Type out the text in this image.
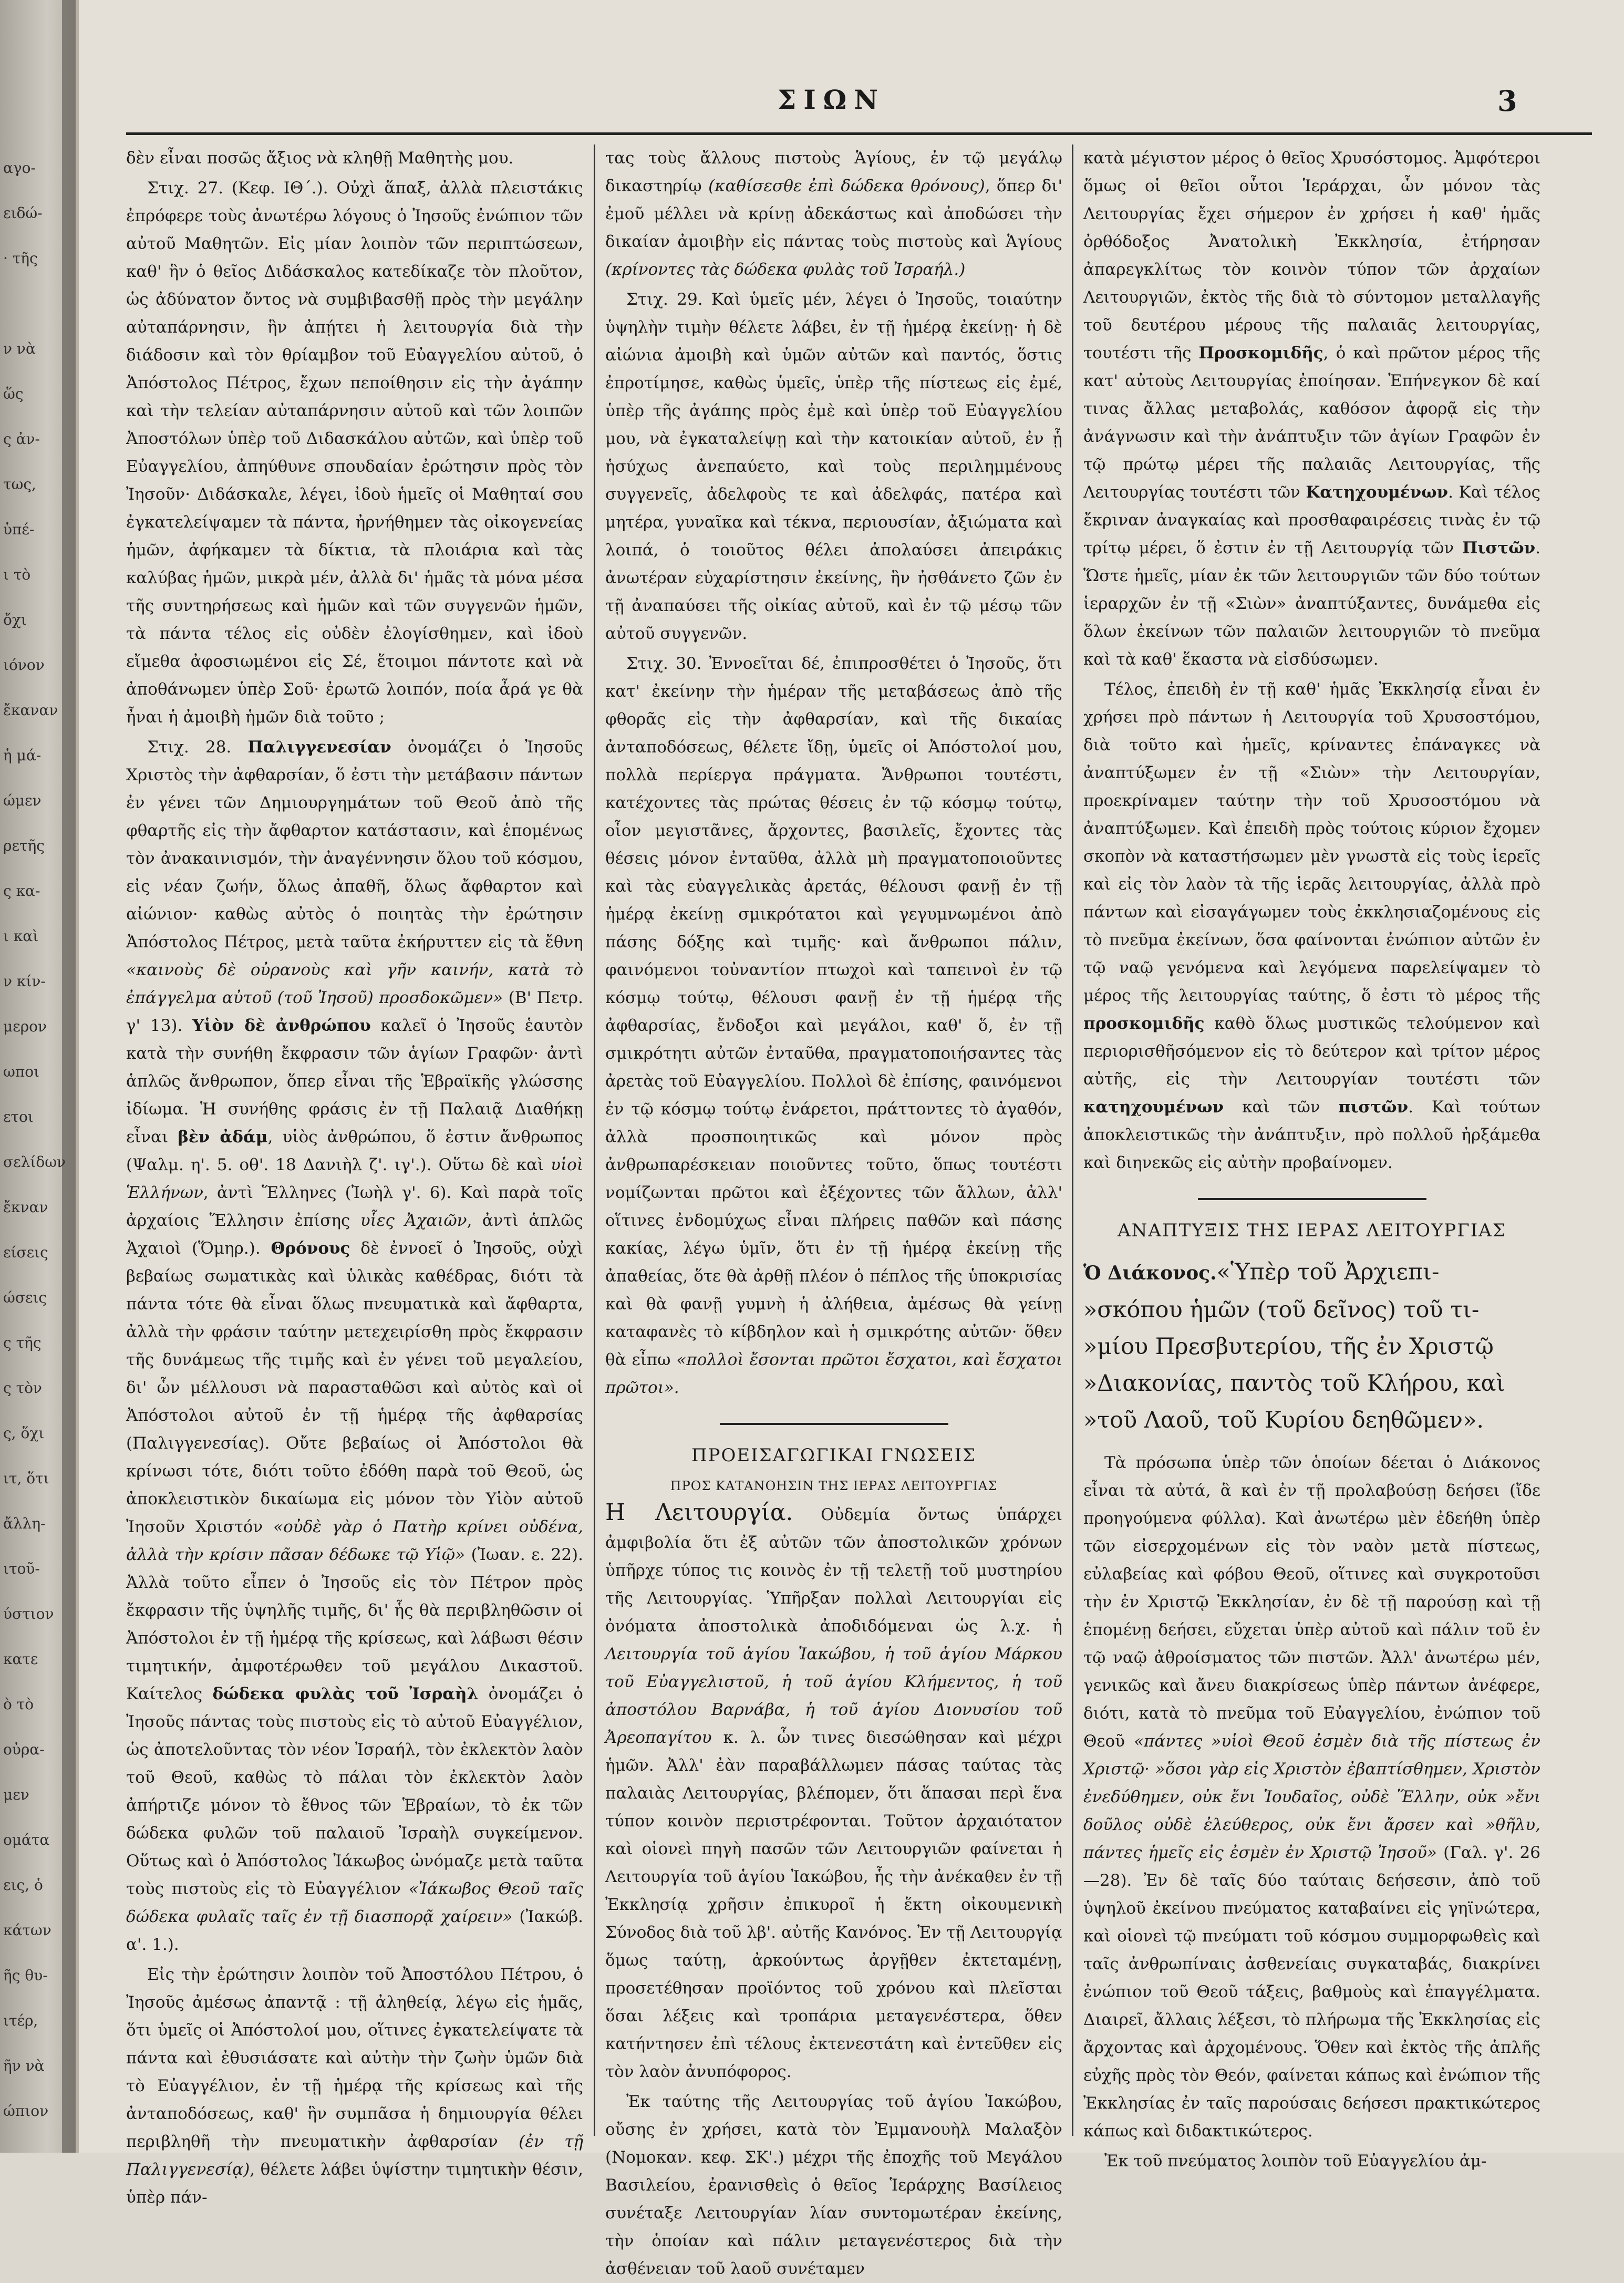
αγο-
ειδώ-
· τῆς
ν νὰ
ὥς
ς ἀν-
τως,
ὑπέ-
ι τὸ
ὄχι
ιόνον
ἔκαναν
ἡ μά-
ώμεν
ρετῆς
ς κα-
ι καὶ
ν κίν-
μερον
ωποι
ετοι
σελίδων
ἔκναν
είσεις
ώσεις
ς τῆς
ς τὸν
ς, ὅχι
ιτ, ὅτι
ἄλλη-
ιτοῦ-
ύστιον
κατε
ὸ τὸ
οὐρα-
μεν
ομάτα
εις, ὁ
κάτων
ῆς θυ-
ιτέρ,
ῆν νὰ
ώπιον
ΣΙΩΝ	3

δὲν εἶναι ποσῶς ἄξιος νὰ κληθῇ Μαθητὴς μου.

Στιχ. 27. (Κεφ. ΙΘ΄.). Οὐχὶ ἅπαξ, ἀλλὰ πλειστάκις ἐπρόφερε τοὺς ἀνωτέρω λόγους ὁ Ἰησοῦς ἐνώπιον τῶν αὐτοῦ Μαθητῶν. Εἰς μίαν λοιπὸν τῶν περιπτώσεων, καθ' ἣν ὁ θεῖος Διδάσκαλος κατεδίκαζε τὸν πλοῦτον, ὡς ἀδύνατον ὄντος νὰ συμβιβασθῇ πρὸς τὴν μεγάλην αὐταπάρνησιν, ἣν ἀπῄτει ἡ λειτουργία διὰ τὴν διάδοσιν καὶ τὸν θρίαμβον τοῦ Εὐαγγελίου αὐτοῦ, ὁ Ἀπόστολος Πέτρος, ἔχων πεποίθησιν εἰς τὴν ἀγάπην καὶ τὴν τελείαν αὐταπάρνησιν αὐτοῦ καὶ τῶν λοιπῶν Ἀποστόλων ὑπὲρ τοῦ Διδασκάλου αὐτῶν, καὶ ὑπὲρ τοῦ Εὐαγγελίου, ἀπηύθυνε σπουδαίαν ἐρώτησιν πρὸς τὸν Ἰησοῦν· Διδάσκαλε, λέγει, ἰδοὺ ἡμεῖς οἱ Μαθηταί σου ἐγκατελείψαμεν τὰ πάντα, ἠρνήθημεν τὰς οἰκογενείας ἡμῶν, ἀφήκαμεν τὰ δίκτια, τὰ πλοιάρια καὶ τὰς καλύβας ἡμῶν, μικρὰ μέν, ἀλλὰ δι' ἡμᾶς τὰ μόνα μέσα τῆς συντηρήσεως καὶ ἡμῶν καὶ τῶν συγγενῶν ἡμῶν, τὰ πάντα τέλος εἰς οὐδὲν ἐλογίσθημεν, καὶ ἰδοὺ εἴμεθα ἀφοσιωμένοι εἰς Σέ, ἕτοιμοι πάντοτε καὶ νὰ ἀποθάνωμεν ὑπὲρ Σοῦ· ἐρωτῶ λοιπόν, ποία ἆρά γε θὰ ἦναι ἡ ἀμοιβὴ ἡμῶν διὰ τοῦτο ;

Στιχ. 28. Παλιγγενεσίαν ὀνομάζει ὁ Ἰησοῦς Χριστὸς τὴν ἀφθαρσίαν, ὅ ἐστι τὴν μετάβασιν πάντων ἐν γένει τῶν Δημιουργημάτων τοῦ Θεοῦ ἀπὸ τῆς φθαρτῆς εἰς τὴν ἄφθαρτον κατάστασιν, καὶ ἑπομένως τὸν ἀνακαινισμόν, τὴν ἀναγέννησιν ὅλου τοῦ κόσμου, εἰς νέαν ζωήν, ὅλως ἀπαθῆ, ὅλως ἄφθαρτον καὶ αἰώνιον· καθὼς αὐτὸς ὁ ποιητὰς τὴν ἐρώτησιν Ἀπόστολος Πέτρος, μετὰ ταῦτα ἐκήρυττεν εἰς τὰ ἔθνη «καινοὺς δὲ οὐρανοὺς καὶ γῆν καινήν, κατὰ τὸ ἐπάγγελμα αὐτοῦ (τοῦ Ἰησοῦ) προσδοκῶμεν» (Β' Πετρ. γ' 13). Υἱὸν δὲ ἀνθρώπου καλεῖ ὁ Ἰησοῦς ἑαυτὸν κατὰ τὴν συνήθη ἔκφρασιν τῶν ἁγίων Γραφῶν· ἀντὶ ἁπλῶς ἄνθρωπον, ὅπερ εἶναι τῆς Ἑβραϊκῆς γλώσσης ἰδίωμα. Ἡ συνήθης φράσις ἐν τῇ Παλαιᾷ Διαθήκῃ εἶναι βὲν ἀδάμ, υἱὸς ἀνθρώπου, ὅ ἐστιν ἄνθρωπος (Ψαλμ. η'. 5. οθ'. 18 Δανιὴλ ζ'. ιγ'.). Οὕτω δὲ καὶ υἱοὶ Ἑλλήνων, ἀντὶ Ἕλληνες (Ἰωὴλ γ'. 6). Καὶ παρὰ τοῖς ἀρχαίοις Ἕλλησιν ἐπίσης υἷες Ἀχαιῶν, ἀντὶ ἁπλῶς Ἀχαιοὶ (Ὅμηρ.). Θρόνους δὲ ἐννοεῖ ὁ Ἰησοῦς, οὐχὶ βεβαίως σωματικὰς καὶ ὑλικὰς καθέδρας, διότι τὰ πάντα τότε θὰ εἶναι ὅλως πνευματικὰ καὶ ἄφθαρτα, ἀλλὰ τὴν φράσιν ταύτην μετεχειρίσθη πρὸς ἔκφρασιν τῆς δυνάμεως τῆς τιμῆς καὶ ἐν γένει τοῦ μεγαλείου, δι' ὧν μέλλουσι νὰ παρασταθῶσι καὶ αὐτὸς καὶ οἱ Ἀπόστολοι αὐτοῦ ἐν τῇ ἡμέρᾳ τῆς ἀφθαρσίας (Παλιγγενεσίας). Οὔτε βεβαίως οἱ Ἀπόστολοι θὰ κρίνωσι τότε, διότι τοῦτο ἐδόθη παρὰ τοῦ Θεοῦ, ὡς ἀποκλειστικὸν δικαίωμα εἰς μόνον τὸν Υἱὸν αὐτοῦ Ἰησοῦν Χριστόν «οὐδὲ γὰρ ὁ Πατὴρ κρίνει οὐδένα, ἀλλὰ τὴν κρίσιν πᾶσαν δέδωκε τῷ Υἱῷ» (Ἰωαν. ε. 22). Ἀλλὰ τοῦτο εἶπεν ὁ Ἰησοῦς εἰς τὸν Πέτρον πρὸς ἔκφρασιν τῆς ὑψηλῆς τιμῆς, δι' ἧς θὰ περιβληθῶσιν οἱ Ἀπόστολοι ἐν τῇ ἡμέρᾳ τῆς κρίσεως, καὶ λάβωσι θέσιν τιμητικήν, ἀμφοτέρωθεν τοῦ μεγάλου Δικαστοῦ. Καίτελος δώδεκα φυλὰς τοῦ Ἰσραὴλ ὀνομάζει ὁ Ἰησοῦς πάντας τοὺς πιστοὺς εἰς τὸ αὐτοῦ Εὐαγγέλιον, ὡς ἀποτελοῦντας τὸν νέον Ἰσραήλ, τὸν ἐκλεκτὸν λαὸν τοῦ Θεοῦ, καθὼς τὸ πάλαι τὸν ἐκλεκτὸν λαὸν ἀπήρτιζε μόνον τὸ ἔθνος τῶν Ἑβραίων, τὸ ἐκ τῶν δώδεκα φυλῶν τοῦ παλαιοῦ Ἰσραὴλ συγκείμενον. Οὕτως καὶ ὁ Ἀπόστολος Ἰάκωβος ὠνόμαζε μετὰ ταῦτα τοὺς πιστοὺς εἰς τὸ Εὐαγγέλιον «Ἰάκωβος Θεοῦ ταῖς δώδεκα φυλαῖς ταῖς ἐν τῇ διασπορᾷ χαίρειν» (Ἰακώβ. α'. 1.).

Εἰς τὴν ἐρώτησιν λοιπὸν τοῦ Ἀποστόλου Πέτρου, ὁ Ἰησοῦς ἀμέσως ἀπαντᾷ : τῇ ἀληθείᾳ, λέγω εἰς ἡμᾶς, ὅτι ὑμεῖς οἱ Ἀπόστολοί μου, οἵτινες ἐγκατελείψατε τὰ πάντα καὶ ἐθυσιάσατε καὶ αὐτὴν τὴν ζωὴν ὑμῶν διὰ τὸ Εὐαγγέλιον, ἐν τῇ ἡμέρᾳ τῆς κρίσεως καὶ τῆς ἀνταποδόσεως, καθ' ἣν συμπᾶσα ἡ δημιουργία θέλει περιβληθῆ τὴν πνευματικὴν ἀφθαρσίαν (ἐν τῇ Παλιγγενεσίᾳ), θέλετε λάβει ὑψίστην τιμητικὴν θέσιν, ὑπὲρ πάν-

τας τοὺς ἄλλους πιστοὺς Ἁγίους, ἐν τῷ μεγάλῳ δικαστηρίῳ (καθίσεσθε ἐπὶ δώδεκα θρόνους), ὅπερ δι' ἐμοῦ μέλλει νὰ κρίνῃ ἀδεκάστως καὶ ἀποδώσει τὴν δικαίαν ἀμοιβὴν εἰς πάντας τοὺς πιστοὺς καὶ Ἁγίους (κρίνοντες τὰς δώδεκα φυλὰς τοῦ Ἰσραήλ.)

Στιχ. 29. Καὶ ὑμεῖς μέν, λέγει ὁ Ἰησοῦς, τοιαύτην ὑψηλὴν τιμὴν θέλετε λάβει, ἐν τῇ ἡμέρᾳ ἐκείνῃ· ἡ δὲ αἰώνια ἀμοιβὴ καὶ ὑμῶν αὐτῶν καὶ παντός, ὅστις ἐπροτίμησε, καθὼς ὑμεῖς, ὑπὲρ τῆς πίστεως εἰς ἐμέ, ὑπὲρ τῆς ἀγάπης πρὸς ἐμὲ καὶ ὑπὲρ τοῦ Εὐαγγελίου μου, νὰ ἐγκαταλείψῃ καὶ τὴν κατοικίαν αὐτοῦ, ἐν ᾗ ἡσύχως ἀνεπαύετο, καὶ τοὺς περιλημμένους συγγενεῖς, ἀδελφοὺς τε καὶ ἀδελφάς, πατέρα καὶ μητέρα, γυναῖκα καὶ τέκνα, περιουσίαν, ἀξιώματα καὶ λοιπά, ὁ τοιοῦτος θέλει ἀπολαύσει ἀπειράκις ἀνωτέραν εὐχαρίστησιν ἐκείνης, ἣν ἠσθάνετο ζῶν ἐν τῇ ἀναπαύσει τῆς οἰκίας αὐτοῦ, καὶ ἐν τῷ μέσῳ τῶν αὐτοῦ συγγενῶν.

Στιχ. 30. Ἐννοεῖται δέ, ἐπιπροσθέτει ὁ Ἰησοῦς, ὅτι κατ' ἐκείνην τὴν ἡμέραν τῆς μεταβάσεως ἀπὸ τῆς φθορᾶς εἰς τὴν ἀφθαρσίαν, καὶ τῆς δικαίας ἀνταποδόσεως, θέλετε ἴδῃ, ὑμεῖς οἱ Ἀπόστολοί μου, πολλὰ περίεργα πράγματα. Ἄνθρωποι τουτέστι, κατέχοντες τὰς πρώτας θέσεις ἐν τῷ κόσμῳ τούτῳ, οἷον μεγιστᾶνες, ἄρχοντες, βασιλεῖς, ἔχοντες τὰς θέσεις μόνον ἐνταῦθα, ἀλλὰ μὴ πραγματοποιοῦντες καὶ τὰς εὐαγγελικὰς ἀρετάς, θέλουσι φανῇ ἐν τῇ ἡμέρᾳ ἐκείνῃ σμικρότατοι καὶ γεγυμνωμένοι ἀπὸ πάσης δόξης καὶ τιμῆς· καὶ ἄνθρωποι πάλιν, φαινόμενοι τοὐναντίον πτωχοὶ καὶ ταπεινοὶ ἐν τῷ κόσμῳ τούτῳ, θέλουσι φανῇ ἐν τῇ ἡμέρᾳ τῆς ἀφθαρσίας, ἔνδοξοι καὶ μεγάλοι, καθ' ὅ, ἐν τῇ σμικρότητι αὐτῶν ἐνταῦθα, πραγματοποιήσαντες τὰς ἀρετὰς τοῦ Εὐαγγελίου. Πολλοὶ δὲ ἐπίσης, φαινόμενοι ἐν τῷ κόσμῳ τούτῳ ἐνάρετοι, πράττοντες τὸ ἀγαθόν, ἀλλὰ προσποιητικῶς καὶ μόνον πρὸς ἀνθρωπαρέσκειαν ποιοῦντες τοῦτο, ὅπως τουτέστι νομίζωνται πρῶτοι καὶ ἐξέχοντες τῶν ἄλλων, ἀλλ' οἵτινες ἐνδομύχως εἶναι πλήρεις παθῶν καὶ πάσης κακίας, λέγω ὑμῖν, ὅτι ἐν τῇ ἡμέρᾳ ἐκείνῃ τῆς ἀπαθείας, ὅτε θὰ ἀρθῇ πλέον ὁ πέπλος τῆς ὑποκρισίας καὶ θὰ φανῇ γυμνὴ ἡ ἀλήθεια, ἀμέσως θὰ γείνῃ καταφανὲς τὸ κίβδηλον καὶ ἡ σμικρότης αὐτῶν· ὅθεν θὰ εἶπω «πολλοὶ ἔσονται πρῶτοι ἔσχατοι, καὶ ἔσχατοι πρῶτοι».

ΠΡΟΕΙΣΑΓΩΓΙΚΑΙ ΓΝΩΣΕΙΣ
ΠΡΟΣ ΚΑΤΑΝΟΗΣΙΝ ΤΗΣ ΙΕΡΑΣ ΛΕΙΤΟΥΡΓΙΑΣ

Η Λειτουργία. Οὐδεμία ὄντως ὑπάρχει ἀμφιβολία ὅτι ἐξ αὐτῶν τῶν ἀποστολικῶν χρόνων ὑπῆρχε τύπος τις κοινὸς ἐν τῇ τελετῇ τοῦ μυστηρίου τῆς Λειτουργίας. Ὑπῆρξαν πολλαὶ Λειτουργίαι εἰς ὀνόματα ἀποστολικὰ ἀποδιδόμεναι ὡς λ.χ. ἡ Λειτουργία τοῦ ἁγίου Ἰακώβου, ἡ τοῦ ἁγίου Μάρκου τοῦ Εὐαγγελιστοῦ, ἡ τοῦ ἁγίου Κλήμεντος, ἡ τοῦ ἀποστόλου Βαρνάβα, ἡ τοῦ ἁγίου Διονυσίου τοῦ Ἀρεοπαγίτου κ. λ. ὧν τινες διεσώθησαν καὶ μέχρι ἡμῶν. Ἀλλ' ἐὰν παραβάλλωμεν πάσας ταύτας τὰς παλαιὰς Λειτουργίας, βλέπομεν, ὅτι ἅπασαι περὶ ἕνα τύπον κοινὸν περιστρέφονται. Τοῦτον ἀρχαιότατον καὶ οἱονεὶ πηγὴ πασῶν τῶν Λειτουργιῶν φαίνεται ἡ Λειτουργία τοῦ ἁγίου Ἰακώβου, ἧς τὴν ἀνέκαθεν ἐν τῇ Ἐκκλησίᾳ χρῆσιν ἐπικυροῖ ἡ ἕκτη οἰκουμενικὴ Σύνοδος διὰ τοῦ λβ'. αὐτῆς Κανόνος. Ἐν τῇ Λειτουργίᾳ ὅμως ταύτῃ, ἀρκούντως ἀργῇθεν ἐκτεταμένῃ, προσετέθησαν προϊόντος τοῦ χρόνου καὶ πλεῖσται ὅσαι λέξεις καὶ τροπάρια μεταγενέστερα, ὅθεν κατήντησεν ἐπὶ τέλους ἐκτενεστάτη καὶ ἐντεῦθεν εἰς τὸν λαὸν ἀνυπόφορος.

Ἐκ ταύτης τῆς Λειτουργίας τοῦ ἁγίου Ἰακώβου, οὔσης ἐν χρήσει, κατὰ τὸν Ἐμμανουὴλ Μαλαξὸν (Νομοκαν. κεφ. ΣΚ'.) μέχρι τῆς ἐποχῆς τοῦ Μεγάλου Βασιλείου, ἐρανισθεὶς ὁ θεῖος Ἱεράρχης Βασίλειος συνέταξε Λειτουργίαν λίαν συντομωτέραν ἐκείνης, τὴν ὁποίαν καὶ πάλιν μεταγενέστερος διὰ τὴν ἀσθένειαν τοῦ λαοῦ συνέταμεν

κατὰ μέγιστον μέρος ὁ θεῖος Χρυσόστομος. Ἀμφότεροι ὅμως οἱ θεῖοι οὗτοι Ἱεράρχαι, ὧν μόνον τὰς Λειτουργίας ἔχει σήμερον ἐν χρήσει ἡ καθ' ἡμᾶς ὀρθόδοξος Ἀνατολικὴ Ἐκκλησία, ἐτήρησαν ἀπαρεγκλίτως τὸν κοινὸν τύπον τῶν ἀρχαίων Λειτουργιῶν, ἐκτὸς τῆς διὰ τὸ σύντομον μεταλλαγῆς τοῦ δευτέρου μέρους τῆς παλαιᾶς λειτουργίας, τουτέστι τῆς Προσκομιδῆς, ὁ καὶ πρῶτον μέρος τῆς κατ' αὐτοὺς Λειτουργίας ἐποίησαν. Ἐπήνεγκον δὲ καί τινας ἄλλας μεταβολάς, καθόσον ἀφορᾷ εἰς τὴν ἀνάγνωσιν καὶ τὴν ἀνάπτυξιν τῶν ἁγίων Γραφῶν ἐν τῷ πρώτῳ μέρει τῆς παλαιᾶς Λειτουργίας, τῆς Λειτουργίας τουτέστι τῶν Κατηχουμένων. Καὶ τέλος ἔκριναν ἀναγκαίας καὶ προσθαφαιρέσεις τινὰς ἐν τῷ τρίτῳ μέρει, ὅ ἐστιν ἐν τῇ Λειτουργίᾳ τῶν Πιστῶν. Ὥστε ἡμεῖς, μίαν ἐκ τῶν λειτουργιῶν τῶν δύο τούτων ἱεραρχῶν ἐν τῇ «Σιὼν» ἀναπτύξαντες, δυνάμεθα εἰς ὅλων ἐκείνων τῶν παλαιῶν λειτουργιῶν τὸ πνεῦμα καὶ τὰ καθ' ἕκαστα νὰ εἰσδύσωμεν.

Τέλος, ἐπειδὴ ἐν τῇ καθ' ἡμᾶς Ἐκκλησίᾳ εἶναι ἐν χρήσει πρὸ πάντων ἡ Λειτουργία τοῦ Χρυσοστόμου, διὰ τοῦτο καὶ ἡμεῖς, κρίναντες ἐπάναγκες νὰ ἀναπτύξωμεν ἐν τῇ «Σιὼν» τὴν Λειτουργίαν, προεκρίναμεν ταύτην τὴν τοῦ Χρυσοστόμου νὰ ἀναπτύξωμεν. Καὶ ἐπειδὴ πρὸς τούτοις κύριον ἔχομεν σκοπὸν νὰ καταστήσωμεν μὲν γνωστὰ εἰς τοὺς ἱερεῖς καὶ εἰς τὸν λαὸν τὰ τῆς ἱερᾶς λειτουργίας, ἀλλὰ πρὸ πάντων καὶ εἰσαγάγωμεν τοὺς ἐκκλησιαζομένους εἰς τὸ πνεῦμα ἐκείνων, ὅσα φαίνονται ἐνώπιον αὐτῶν ἐν τῷ ναῷ γενόμενα καὶ λεγόμενα παρελείψαμεν τὸ μέρος τῆς λειτουργίας ταύτης, ὅ ἐστι τὸ μέρος τῆς προσκομιδῆς καθὸ ὅλως μυστικῶς τελούμενον καὶ περιορισθῆσόμενον εἰς τὸ δεύτερον καὶ τρίτον μέρος αὐτῆς, εἰς τὴν Λειτουργίαν τουτέστι τῶν κατηχουμένων καὶ τῶν πιστῶν. Καὶ τούτων ἀποκλειστικῶς τὴν ἀνάπτυξιν, πρὸ πολλοῦ ἠρξάμεθα καὶ διηνεκῶς εἰς αὐτὴν προβαίνομεν.

ΑΝΑΠΤΥΞΙΣ ΤΗΣ ΙΕΡΑΣ ΛΕΙΤΟΥΡΓΙΑΣ

Ὁ Διάκονος.«Ὑπὲρ τοῦ Ἀρχιεπι- »σκόπου ἡμῶν (τοῦ δεῖνος) τοῦ τι- »μίου Πρεσβυτερίου, τῆς ἐν Χριστῷ »Διακονίας, παντὸς τοῦ Κλήρου, καὶ »τοῦ Λαοῦ, τοῦ Κυρίου δεηθῶμεν».

Τὰ πρόσωπα ὑπὲρ τῶν ὁποίων δέεται ὁ Διάκονος εἶναι τὰ αὐτά, ἃ καὶ ἐν τῇ προλαβούσῃ δεήσει (ἴδε προηγούμενα φύλλα). Καὶ ἀνωτέρω μὲν ἐδεήθη ὑπὲρ τῶν εἰσερχομένων εἰς τὸν ναὸν μετὰ πίστεως, εὐλαβείας καὶ φόβου Θεοῦ, οἵτινες καὶ συγκροτοῦσι τὴν ἐν Χριστῷ Ἐκκλησίαν, ἐν δὲ τῇ παρούσῃ καὶ τῇ ἑπομένῃ δεήσει, εὔχεται ὑπὲρ αὐτοῦ καὶ πάλιν τοῦ ἐν τῷ ναῷ ἀθροίσματος τῶν πιστῶν. Ἀλλ' ἀνωτέρω μέν, γενικῶς καὶ ἄνευ διακρίσεως ὑπὲρ πάντων ἀνέφερε, διότι, κατὰ τὸ πνεῦμα τοῦ Εὐαγγελίου, ἐνώπιον τοῦ Θεοῦ «πάντες »υἱοὶ Θεοῦ ἐσμὲν διὰ τῆς πίστεως ἐν Χριστῷ· »ὅσοι γὰρ εἰς Χριστὸν ἐβαπτίσθημεν, Χριστὸν ἐνεδύθημεν, οὐκ ἔνι Ἰουδαῖος, οὐδὲ Ἕλλην, οὐκ »ἔνι δοῦλος οὐδὲ ἐλεύθερος, οὐκ ἔνι ἄρσεν καὶ »θῆλυ, πάντες ἡμεῖς εἰς ἐσμὲν ἐν Χριστῷ Ἰησοῦ» (Γαλ. γ'. 26—28). Ἐν δὲ ταῖς δύο ταύταις δεήσεσιν, ἀπὸ τοῦ ὑψηλοῦ ἐκείνου πνεύματος καταβαίνει εἰς γηϊνώτερα, καὶ οἱονεὶ τῷ πνεύματι τοῦ κόσμου συμμορφωθεὶς καὶ ταῖς ἀνθρωπίναις ἀσθενείαις συγκαταβάς, διακρίνει ἐνώπιον τοῦ Θεοῦ τάξεις, βαθμοὺς καὶ ἐπαγγέλματα. Διαιρεῖ, ἄλλαις λέξεσι, τὸ πλήρωμα τῆς Ἐκκλησίας εἰς ἄρχοντας καὶ ἀρχομένους. Ὅθεν καὶ ἐκτὸς τῆς ἁπλῆς εὐχῆς πρὸς τὸν Θεόν, φαίνεται κάπως καὶ ἐνώπιον τῆς Ἐκκλησίας ἐν ταῖς παρούσαις δεήσεσι πρακτικώτερος κάπως καὶ διδακτικώτερος.

Ἐκ τοῦ πνεύματος λοιπὸν τοῦ Εὐαγγελίου ἀμ-
